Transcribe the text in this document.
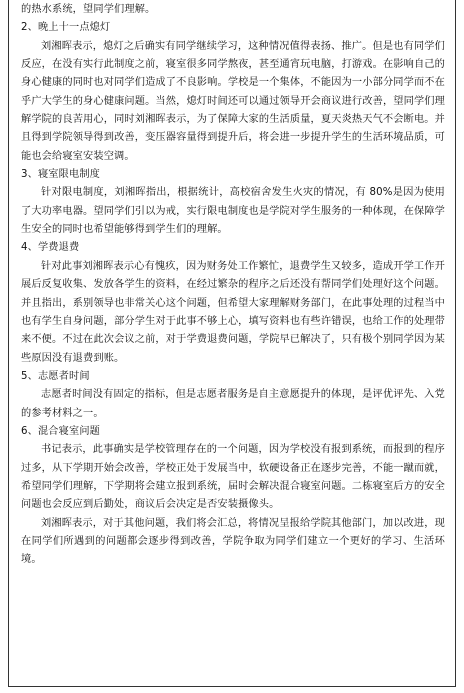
的热水系统，望同学们理解。

2、晚上十一点熄灯

刘湘晖表示，熄灯之后确实有同学继续学习，这种情况值得表扬、推广。但是也有同学们反应，在没有实行此制度之前，寝室很多同学熬夜，甚至通宵玩电脑，打游戏。在影响自己的身心健康的同时也对同学们造成了不良影响。学校是一个集体，不能因为一小部分同学而不在乎广大学生的身心健康问题。当然，熄灯时间还可以通过领导开会商议进行改善，望同学们理解学院的良苦用心，同时刘湘晖表示，为了保障大家的生活质量，夏天炎热天气不会断电。并且得到学院领导得到改善，变压器容量得到提升后，将会进一步提升学生的生活环境品质，可能也会给寝室安装空调。

3、寝室限电制度

针对限电制度，刘湘晖指出，根据统计，高校宿舍发生火灾的情况，有 80%是因为使用了大功率电器。望同学们引以为戒，实行限电制度也是学院对学生服务的一种体现，在保障学生安全的同时也希望能够得到学生们的理解。

4、学费退费

针对此事刘湘晖表示心有愧疚，因为财务处工作繁忙，退费学生又较多，造成开学工作开展后反复收集、发放各学生的资料，在经过繁杂的程序之后还没有帮同学们处理好这个问题。并且指出，系别领导也非常关心这个问题，但希望大家理解财务部门，在此事处理的过程当中也有学生自身问题，部分学生对于此事不够上心，填写资料也有些许错误，也给工作的处理带来不便。不过在此次会议之前，对于学费退费问题，学院早已解决了，只有极个别同学因为某些原因没有退费到账。

5、志愿者时间

志愿者时间没有固定的指标，但是志愿者服务是自主意愿提升的体现，是评优评先、入党的参考材料之一。

6、混合寝室问题

书记表示，此事确实是学校管理存在的一个问题，因为学校没有报到系统，而报到的程序过多，从下学期开始会改善，学校正处于发展当中，软硬设备正在逐步完善，不能一蹴而就，希望同学们理解，下学期将会建立报到系统，届时会解决混合寝室问题。二栋寝室后方的安全问题也会反应到后勤处，商议后会决定是否安装摄像头。

刘湘晖表示，对于其他问题，我们将会汇总，将情况呈报给学院其他部门，加以改进，现在同学们所遇到的问题都会逐步得到改善，学院争取为同学们建立一个更好的学习、生活环境。
